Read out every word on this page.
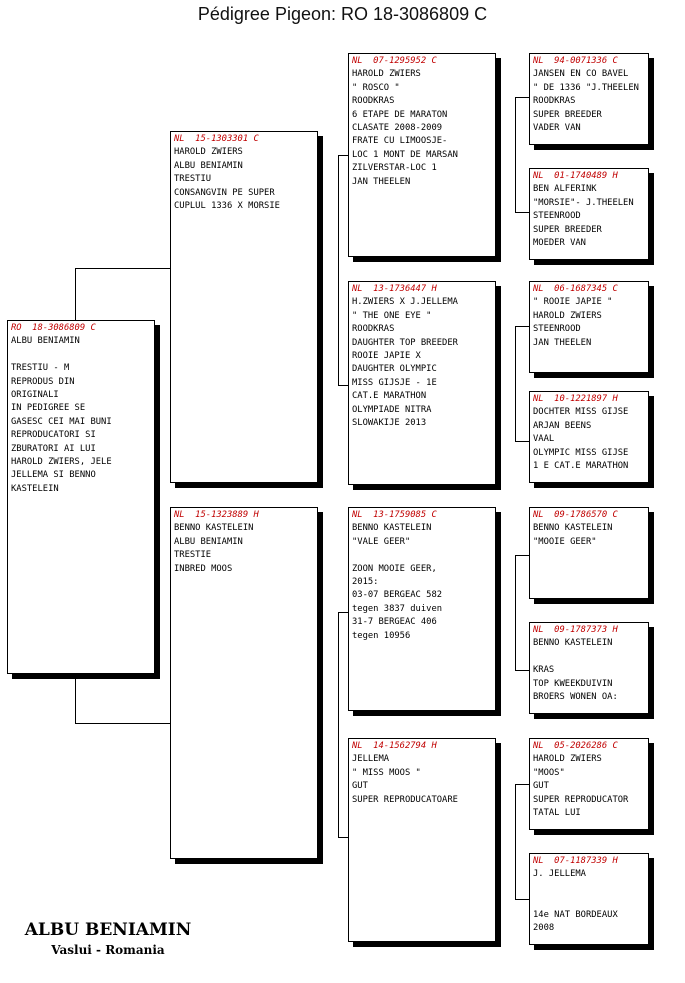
Pédigree Pigeon: RO 18-3086809 C
RO  18-3086809 C
ALBU BENIAMIN
TRESTIU - M
REPRODUS DIN
ORIGINALI
IN PEDIGREE SE
GASESC CEI MAI BUNI
REPRODUCATORI SI
ZBURATORI AI LUI
HAROLD ZWIERS, JELE
JELLEMA SI BENNO
KASTELEIN
NL  15-1303301 C
HAROLD ZWIERS
ALBU BENIAMIN
TRESTIU
CONSANGVIN PE SUPER
CUPLUL 1336 X MORSIE
NL  15-1323889 H
BENNO KASTELEIN
ALBU BENIAMIN
TRESTIE
INBRED MOOS
NL  07-1295952 C
HAROLD ZWIERS
" ROSCO "
ROODKRAS
6 ETAPE DE MARATON
CLASATE 2008-2009
FRATE CU LIMOOSJE-
LOC 1 MONT DE MARSAN
ZILVERSTAR-LOC 1
JAN THEELEN
NL  13-1736447 H
H.ZWIERS X J.JELLEMA
" THE ONE EYE "
ROODKRAS
DAUGHTER TOP BREEDER
ROOIE JAPIE X
DAUGHTER OLYMPIC
MISS GIJSJE - 1E
CAT.E MARATHON
OLYMPIADE NITRA
SLOWAKIJE 2013
NL  13-1759085 C
BENNO KASTELEIN
"VALE GEER"
ZOON MOOIE GEER,
2015:
03-07 BERGEAC 582
tegen 3837 duiven
31-7 BERGEAC 406
tegen 10956
NL  14-1562794 H
JELLEMA
" MISS MOOS "
GUT
SUPER REPRODUCATOARE
NL  94-0071336 C
JANSEN EN CO BAVEL
" DE 1336 "J.THEELEN
ROODKRAS
SUPER BREEDER
VADER VAN
NL  01-1740489 H
BEN ALFERINK
"MORSIE"- J.THEELEN
STEENROOD
SUPER BREEDER
MOEDER VAN
NL  06-1687345 C
" ROOIE JAPIE "
HAROLD ZWIERS
STEENROOD
JAN THEELEN
NL  10-1221897 H
DOCHTER MISS GIJSE
ARJAN BEENS
VAAL
OLYMPIC MISS GIJSE
1 E CAT.E MARATHON
NL  09-1786570 C
BENNO KASTELEIN
"MOOIE GEER"
NL  09-1787373 H
BENNO KASTELEIN
KRAS
TOP KWEEKDUIVIN
BROERS WONEN OA:
NL  05-2026286 C
HAROLD ZWIERS
"MOOS"
GUT
SUPER REPRODUCATOR
TATAL LUI
NL  07-1187339 H
J. JELLEMA
14e NAT BORDEAUX
2008
ALBU BENIAMIN
Vaslui - Romania
